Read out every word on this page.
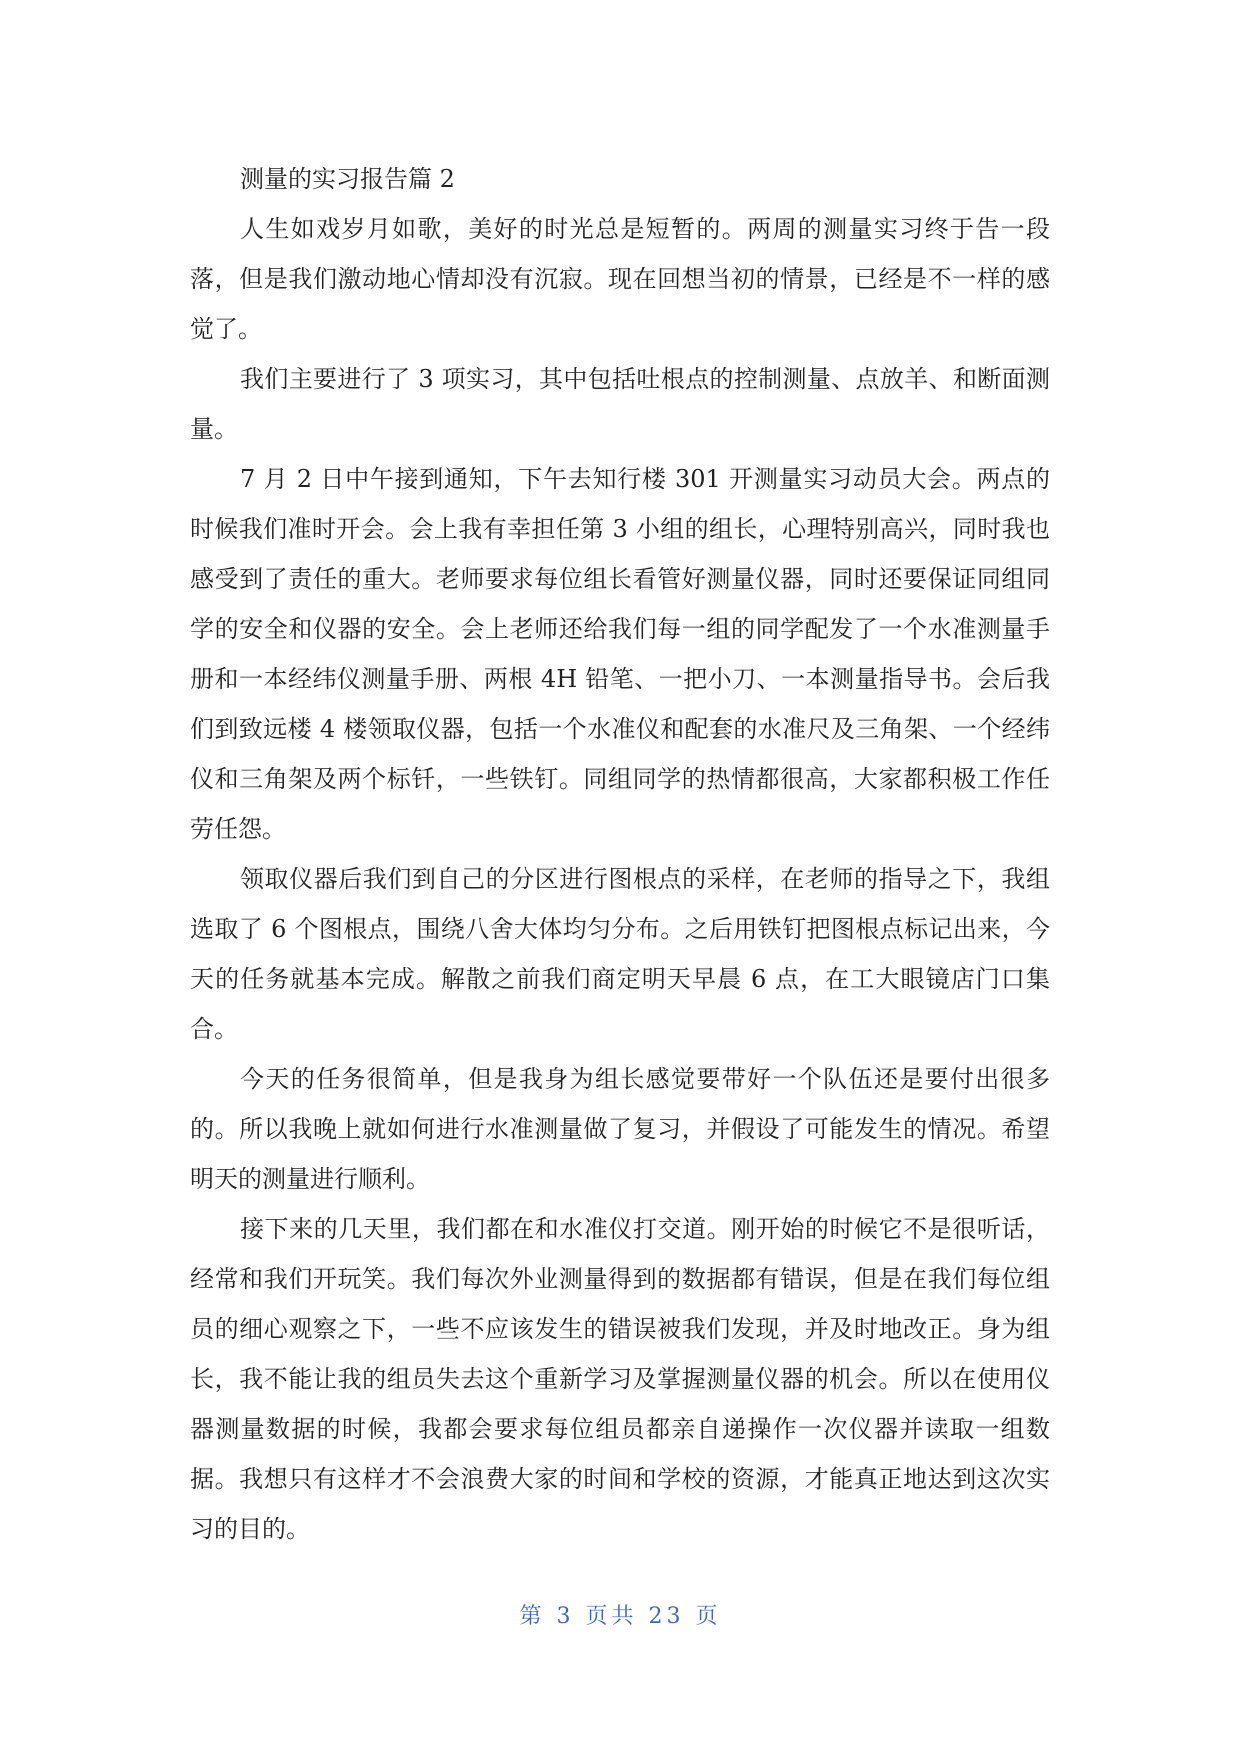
测量的实习报告篇 2

人生如戏岁月如歌，美好的时光总是短暂的。两周的测量实习终于告一段落，但是我们激动地心情却没有沉寂。现在回想当初的情景，已经是不一样的感觉了。

我们主要进行了 3 项实习，其中包括吐根点的控制测量、点放羊、和断面测量。

7 月 2 日中午接到通知，下午去知行楼 301 开测量实习动员大会。两点的时候我们准时开会。会上我有幸担任第 3 小组的组长，心理特别高兴，同时我也感受到了责任的重大。老师要求每位组长看管好测量仪器，同时还要保证同组同学的安全和仪器的安全。会上老师还给我们每一组的同学配发了一个水准测量手册和一本经纬仪测量手册、两根 4H 铅笔、一把小刀、一本测量指导书。会后我们到致远楼 4 楼领取仪器，包括一个水准仪和配套的水准尺及三角架、一个经纬仪和三角架及两个标钎，一些铁钉。同组同学的热情都很高，大家都积极工作任劳任怨。

领取仪器后我们到自己的分区进行图根点的采样，在老师的指导之下，我组选取了 6 个图根点，围绕八舍大体均匀分布。之后用铁钉把图根点标记出来，今天的任务就基本完成。解散之前我们商定明天早晨 6 点，在工大眼镜店门口集合。

今天的任务很简单，但是我身为组长感觉要带好一个队伍还是要付出很多的。所以我晚上就如何进行水准测量做了复习，并假设了可能发生的情况。希望明天的测量进行顺利。

接下来的几天里，我们都在和水准仪打交道。刚开始的时候它不是很听话，经常和我们开玩笑。我们每次外业测量得到的数据都有错误，但是在我们每位组员的细心观察之下，一些不应该发生的错误被我们发现，并及时地改正。身为组长，我不能让我的组员失去这个重新学习及掌握测量仪器的机会。所以在使用仪器测量数据的时候，我都会要求每位组员都亲自递操作一次仪器并读取一组数据。我想只有这样才不会浪费大家的时间和学校的资源，才能真正地达到这次实习的目的。

第 3 页共 23 页
